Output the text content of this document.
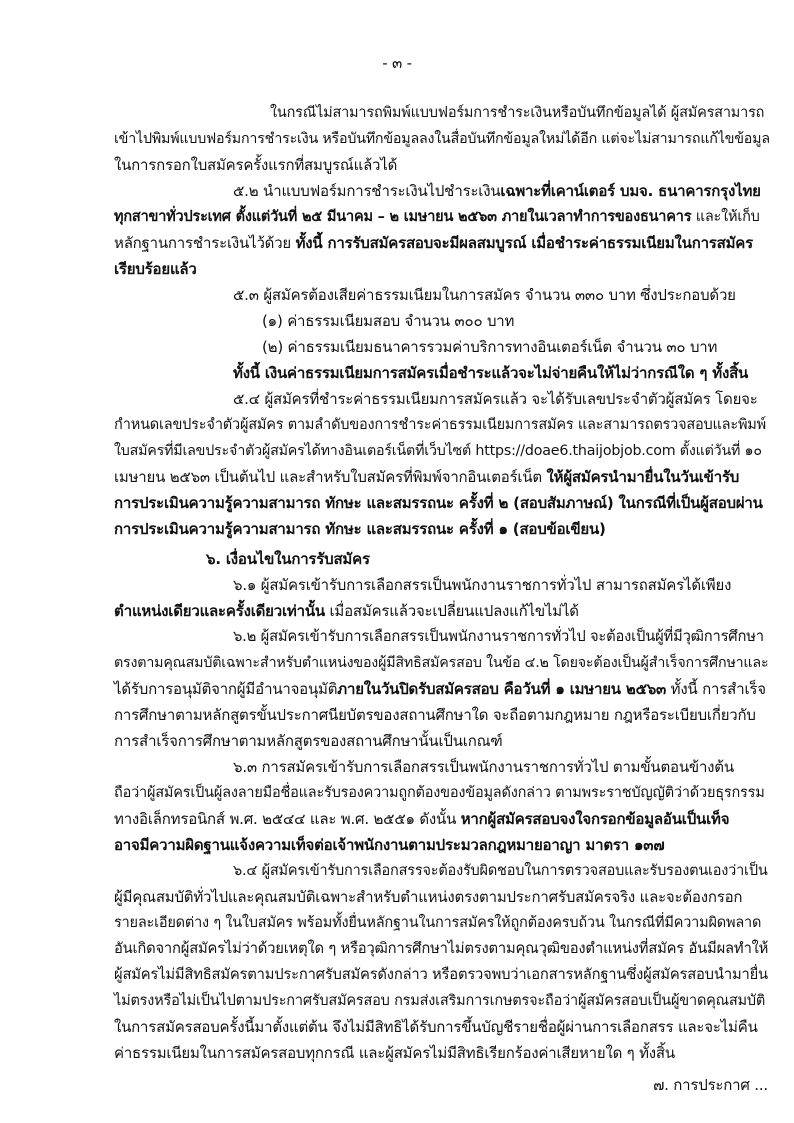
- ๓ -
ในกรณีไม่สามารถพิมพ์แบบฟอร์มการชำระเงินหรือบันทึกข้อมูลได้ ผู้สมัครสามารถ
เข้าไปพิมพ์แบบฟอร์มการชำระเงิน หรือบันทึกข้อมูลลงในสื่อบันทึกข้อมูลใหม่ได้อีก แต่จะไม่สามารถแก้ไขข้อมูล
ในการกรอกใบสมัครครั้งแรกที่สมบูรณ์แล้วได้
๕.๒ นำแบบฟอร์มการชำระเงินไปชำระเงินเฉพาะที่เคาน์เตอร์ บมจ. ธนาคารกรุงไทย
ทุกสาขาทั่วประเทศ ตั้งแต่วันที่ ๒๕ มีนาคม – ๒ เมษายน ๒๕๖๓ ภายในเวลาทำการของธนาคาร และให้เก็บ
หลักฐานการชำระเงินไว้ด้วย ทั้งนี้ การรับสมัครสอบจะมีผลสมบูรณ์ เมื่อชำระค่าธรรมเนียมในการสมัคร
เรียบร้อยแล้ว
๕.๓ ผู้สมัครต้องเสียค่าธรรมเนียมในการสมัคร จำนวน ๓๓๐ บาท ซึ่งประกอบด้วย
(๑) ค่าธรรมเนียมสอบ จำนวน ๓๐๐ บาท
(๒) ค่าธรรมเนียมธนาคารรวมค่าบริการทางอินเตอร์เน็ต จำนวน ๓๐ บาท
ทั้งนี้ เงินค่าธรรมเนียมการสมัครเมื่อชำระแล้วจะไม่จ่ายคืนให้ไม่ว่ากรณีใด ๆ ทั้งสิ้น
๕.๔ ผู้สมัครที่ชำระค่าธรรมเนียมการสมัครแล้ว จะได้รับเลขประจำตัวผู้สมัคร โดยจะ
กำหนดเลขประจำตัวผู้สมัคร ตามลำดับของการชำระค่าธรรมเนียมการสมัคร และสามารถตรวจสอบและพิมพ์
ใบสมัครที่มีเลขประจำตัวผู้สมัครได้ทางอินเตอร์เน็ตที่เว็บไซต์ https://doae6.thaijobjob.com ตั้งแต่วันที่ ๑๐
เมษายน ๒๕๖๓ เป็นต้นไป และสำหรับใบสมัครที่พิมพ์จากอินเตอร์เน็ต ให้ผู้สมัครนำมายื่นในวันเข้ารับ
การประเมินความรู้ความสามารถ ทักษะ และสมรรถนะ ครั้งที่ ๒ (สอบสัมภาษณ์) ในกรณีที่เป็นผู้สอบผ่าน
การประเมินความรู้ความสามารถ ทักษะ และสมรรถนะ ครั้งที่ ๑ (สอบข้อเขียน)
๖. เงื่อนไขในการรับสมัคร
๖.๑ ผู้สมัครเข้ารับการเลือกสรรเป็นพนักงานราชการทั่วไป สามารถสมัครได้เพียง
ตำแหน่งเดียวและครั้งเดียวเท่านั้น เมื่อสมัครแล้วจะเปลี่ยนแปลงแก้ไขไม่ได้
๖.๒ ผู้สมัครเข้ารับการเลือกสรรเป็นพนักงานราชการทั่วไป จะต้องเป็นผู้ที่มีวุฒิการศึกษา
ตรงตามคุณสมบัติเฉพาะสำหรับตำแหน่งของผู้มีสิทธิสมัครสอบ ในข้อ ๔.๒ โดยจะต้องเป็นผู้สำเร็จการศึกษาและ
ได้รับการอนุมัติจากผู้มีอำนาจอนุมัติภายในวันปิดรับสมัครสอบ คือวันที่ ๑ เมษายน ๒๕๖๓ ทั้งนี้ การสำเร็จ
การศึกษาตามหลักสูตรขั้นประกาศนียบัตรของสถานศึกษาใด จะถือตามกฎหมาย กฎหรือระเบียบเกี่ยวกับ
การสำเร็จการศึกษาตามหลักสูตรของสถานศึกษานั้นเป็นเกณฑ์
๖.๓ การสมัครเข้ารับการเลือกสรรเป็นพนักงานราชการทั่วไป ตามขั้นตอนข้างต้น
ถือว่าผู้สมัครเป็นผู้ลงลายมือชื่อและรับรองความถูกต้องของข้อมูลดังกล่าว ตามพระราชบัญญัติว่าด้วยธุรกรรม
ทางอิเล็กทรอนิกส์ พ.ศ. ๒๕๔๔ และ พ.ศ. ๒๕๕๑ ดังนั้น หากผู้สมัครสอบจงใจกรอกข้อมูลอันเป็นเท็จ
อาจมีความผิดฐานแจ้งความเท็จต่อเจ้าพนักงานตามประมวลกฎหมายอาญา มาตรา ๑๓๗
๖.๔ ผู้สมัครเข้ารับการเลือกสรรจะต้องรับผิดชอบในการตรวจสอบและรับรองตนเองว่าเป็น
ผู้มีคุณสมบัติทั่วไปและคุณสมบัติเฉพาะสำหรับตำแหน่งตรงตามประกาศรับสมัครจริง และจะต้องกรอก
รายละเอียดต่าง ๆ ในใบสมัคร พร้อมทั้งยื่นหลักฐานในการสมัครให้ถูกต้องครบถ้วน ในกรณีที่มีความผิดพลาด
อันเกิดจากผู้สมัครไม่ว่าด้วยเหตุใด ๆ หรือวุฒิการศึกษาไม่ตรงตามคุณวุฒิของตำแหน่งที่สมัคร อันมีผลทำให้
ผู้สมัครไม่มีสิทธิสมัครตามประกาศรับสมัครดังกล่าว หรือตรวจพบว่าเอกสารหลักฐานซึ่งผู้สมัครสอบนำมายื่น
ไม่ตรงหรือไม่เป็นไปตามประกาศรับสมัครสอบ กรมส่งเสริมการเกษตรจะถือว่าผู้สมัครสอบเป็นผู้ขาดคุณสมบัติ
ในการสมัครสอบครั้งนี้มาตั้งแต่ต้น จึงไม่มีสิทธิได้รับการขึ้นบัญชีรายชื่อผู้ผ่านการเลือกสรร และจะไม่คืน
ค่าธรรมเนียมในการสมัครสอบทุกกรณี และผู้สมัครไม่มีสิทธิเรียกร้องค่าเสียหายใด ๆ ทั้งสิ้น
๗. การประกาศ ...
